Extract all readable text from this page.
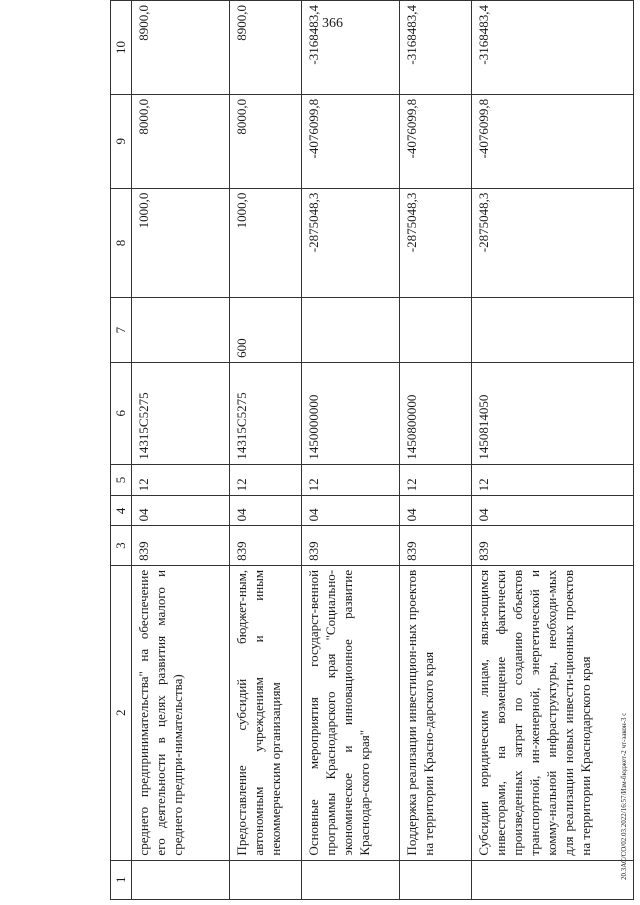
366
20.ЗАС/СО/02.03.2022/16:57/Изм-бюджет-2 чт-закон-3 с
1	2	3	4	5	6	7	8	9	10
	среднего предпринимательства" на обеспечение его деятельности в целях развития малого и среднего предпри-нимательства)	839	04	12	14315С5275		1000,0	8000,0	8900,0
	Предоставление субсидий бюджет-ным, автономным учреждениям и иным некоммерческим организациям	839	04	12	14315С5275	600	1000,0	8000,0	8900,0
	Основные мероприятия государст-венной программы Краснодарского края "Социально-экономическое и инновационное развитие Краснодар-ского края"	839	04	12	1450000000		-2875048,3	-4076099,8	-3168483,4
	Поддержка реализации инвестицион-ных проектов на территории Красно-дарского края	839	04	12	1450800000		-2875048,3	-4076099,8	-3168483,4
	Субсидии юридическим лицам, явля-ющимся инвесторами, на возмещение фактически произведенных затрат по созданию объектов транспортной, ин-женерной, энергетической и комму-нальной инфраструктуры, необходи-мых для реализации новых инвести-ционных проектов на территории Краснодарского края	839	04	12	1450814050		-2875048,3	-4076099,8	-3168483,4
